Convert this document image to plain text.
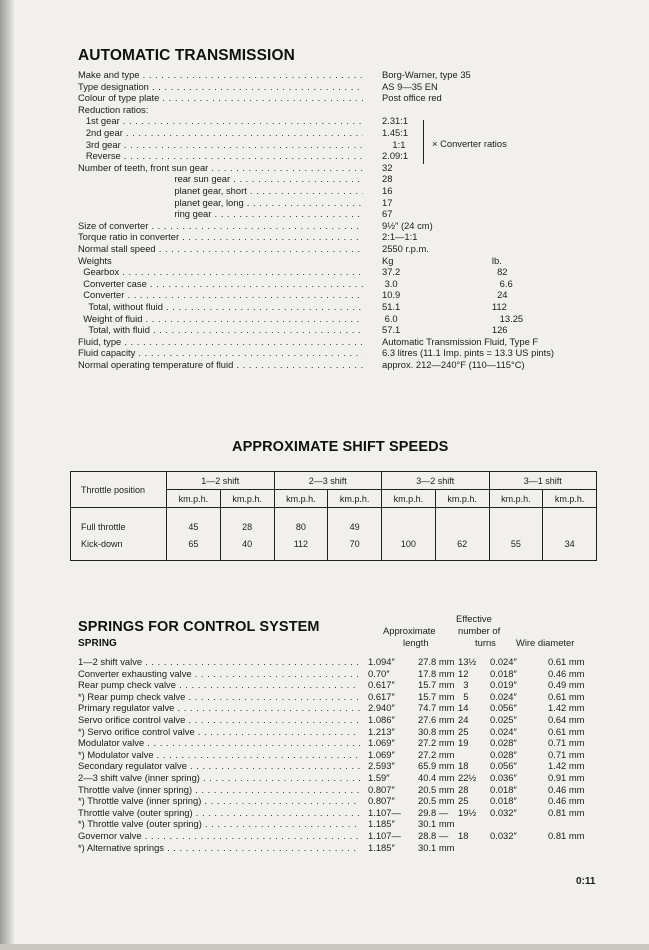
AUTOMATIC TRANSMISSION
Make and type . . .	Borg-Warner, type 35
Type designation . . .	AS 9—35 EN
Colour of type plate . . .	Post office red
Reduction ratios:
1st gear . . .	2.31:1
2nd gear . . .	1.45:1
3rd gear . . .	1:1
Reverse . . .	2.09:1
Number of teeth, front sun gear . . .	32
rear sun gear . . .	28
planet gear, short . . .	16
planet gear, long . . .	17
ring gear . . .	67
Size of converter . . .	9½″ (24 cm)
Torque ratio in converter . . .	2:1—1:1
Normal stall speed . . .	2550 r.p.m.
Weights	Kg	lb.
Gearbox . . .	37.2	82
Converter case . . .	3.0	6.6
Converter . . .	10.9	24
Total, without fluid . . .	51.1	112
Weight of fluid . . .	6.0	13.25
Total, with fluid . . .	57.1	126
Fluid, type . . .	Automatic Transmission Fluid, Type F
Fluid capacity . . .	6.3 litres (11.1 Imp. pints = 13.3 US pints)
Normal operating temperature of fluid . . .	approx. 212—240°F (110—115°C)
× Converter ratios
APPROXIMATE SHIFT SPEEDS
Throttle position	1—2 shift		2—3 shift		3—2 shift		3—1 shift	
	km.p.h.	km.p.h.	km.p.h.	km.p.h.	km.p.h.	km.p.h.	km.p.h.	km.p.h.
Full throttle	45	28	80	49				
Kick-down	65	40	112	70	100	62	55	34
SPRINGS FOR CONTROL SYSTEM
SPRING
Effective
Approximate number of
length	turns Wire diameter
1—2 shift valve . . .	1.094″ 27.8 mm 13½ 0.024″	0.61 mm
Converter exhausting valve . . .	0.70″	17.8 mm 12 0.018″	0.46 mm
Rear pump check valve . . .	0.617″ 15.7 mm 3 0.019″	0.49 mm
*) Rear pump check valve . . .	0.617″ 15.7 mm 5 0.024″	0.61 mm
Primary regulator valve . . .	2.940″ 74.7 mm 14 0.056″	1.42 mm
Servo orifice control valve . . .	1.086″ 27.6 mm 24 0.025″	0.64 mm
*) Servo orifice control valve . . .	1.213″ 30.8 mm 25 0.024″	0.61 mm
Modulator valve . . .	1.069″ 27.2 mm 19 0.028″	0.71 mm
*) Modulator valve . . .	1.069″ 27.2 mm	0.028″	0.71 mm
Secondary regulator valve . . .	2.593″ 65.9 mm 18 0.056″	1.42 mm
2—3 shift valve (inner spring) . . .	1.59″	40.4 mm 22½ 0.036″	0.91 mm
Throttle valve (inner spring) . . .	0.807″ 20.5 mm 28 0.018″	0.46 mm
*) Throttle valve (inner spring) . . .	0.807″ 20.5 mm 25 0.018″	0.46 mm
Throttle valve (outer spring) . . .	1.107— 29.8 — 19½ 0.032″	0.81 mm
*) Throttle valve (outer spring) . . .	1.185″ 30.1 mm
Governor valve . . .	1.107— 28.8 — 18 0.032″	0.81 mm
*) Alternative springs . . .	1.185″ 30.1 mm
0:11
